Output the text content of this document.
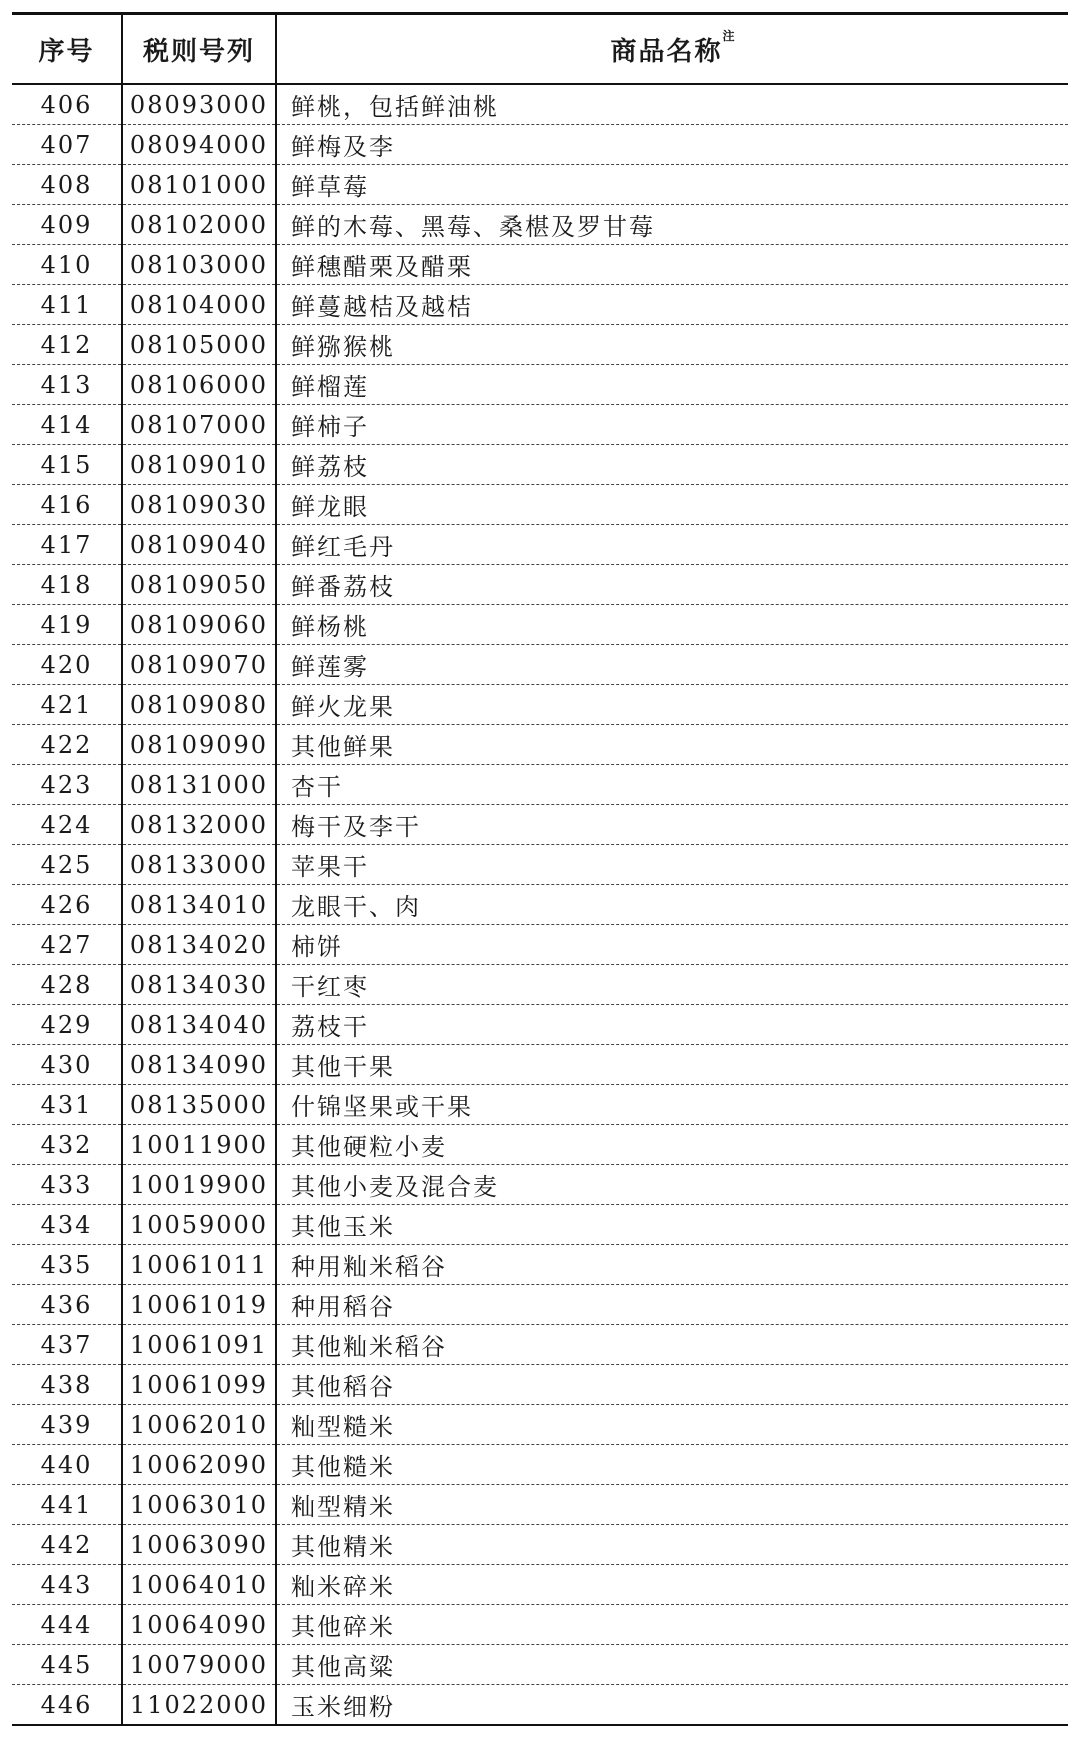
序号	税则号列	商品名称$^注$
406	08093000	鲜桃，包括鲜油桃
407	08094000	鲜梅及李
408	08101000	鲜草莓
409	08102000	鲜的木莓、黑莓、桑椹及罗甘莓
410	08103000	鲜穗醋栗及醋栗
411	08104000	鲜蔓越桔及越桔
412	08105000	鲜猕猴桃
413	08106000	鲜榴莲
414	08107000	鲜柿子
415	08109010	鲜荔枝
416	08109030	鲜龙眼
417	08109040	鲜红毛丹
418	08109050	鲜番荔枝
419	08109060	鲜杨桃
420	08109070	鲜莲雾
421	08109080	鲜火龙果
422	08109090	其他鲜果
423	08131000	杏干
424	08132000	梅干及李干
425	08133000	苹果干
426	08134010	龙眼干、肉
427	08134020	柿饼
428	08134030	干红枣
429	08134040	荔枝干
430	08134090	其他干果
431	08135000	什锦坚果或干果
432	10011900	其他硬粒小麦
433	10019900	其他小麦及混合麦
434	10059000	其他玉米
435	10061011	种用籼米稻谷
436	10061019	种用稻谷
437	10061091	其他籼米稻谷
438	10061099	其他稻谷
439	10062010	籼型糙米
440	10062090	其他糙米
441	10063010	籼型精米
442	10063090	其他精米
443	10064010	籼米碎米
444	10064090	其他碎米
445	10079000	其他高粱
446	11022000	玉米细粉
